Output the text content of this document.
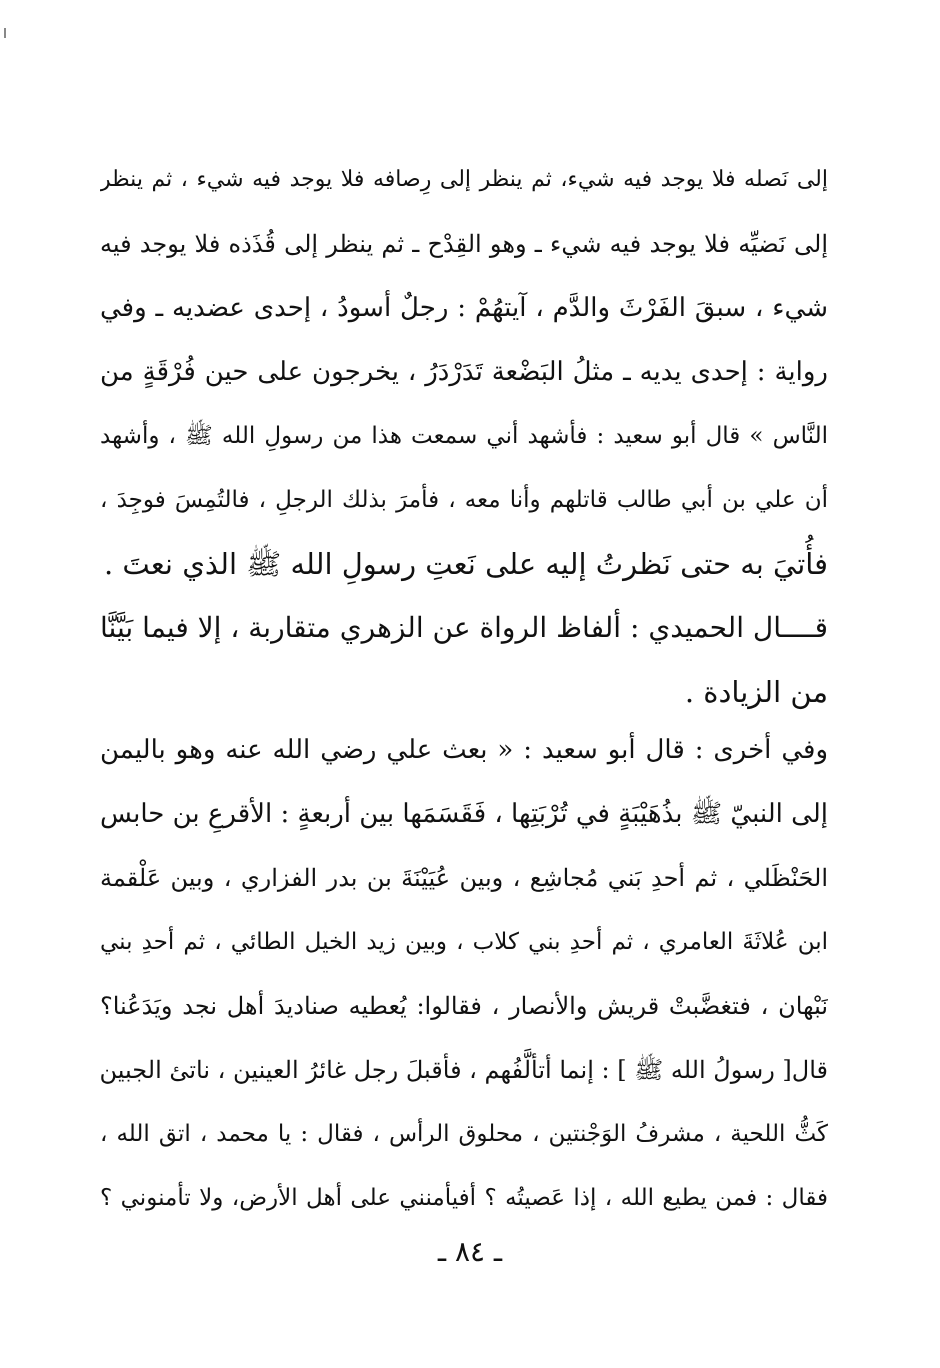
إلى نَصله فلا يوجد فيه شيء، ثم ينظر إلى رِصافه فلا يوجد فيه شيء ، ثم ينظر
إلى نَضيِّه فلا يوجد فيه شيء ـ وهو القِدْح ـ ثم ينظر إلى قُذَذه فلا يوجد فيه
شيء ، سبقَ الفَرْثَ والدَّم ، آيتهُمْ : رجلٌ أسودُ ، إحدى عضديه ـ وفي
رواية : إحدى يديه ـ مثلُ البَضْعة تَدَرْدَرُ ، يخرجون على حين فُرْقَةٍ من
النَّاس » قال أبو سعيد : فأشهد أني سمعت هذا من رسولِ الله ﷺ ، وأشهد
أن علي بن أبي طالب قاتلهم وأنا معه ، فأمرَ بذلك الرجلِ ، فالتُمِسَ فوجِدَ ،
فأُتيَ به حتى نَظرتُ إليه على نَعتِ رسولِ الله ﷺ الذي نعتَ .
قــــال الحميدي : ألفاظ الرواة عن الزهري متقاربة ، إلا فيما بَيَّنَّا
من الزيادة .
وفي أخرى : قال أبو سعيد : « بعث علي رضي الله عنه وهو باليمن
إلى النبيّ ﷺ بذُهَيْبَةٍ في تُرْبَتِها ، فَقَسَمَها بين أربعةٍ : الأقرعِ بن حابس
الحَنْظَلي ، ثم أحدِ بَني مُجاشِع ، وبين عُيَيْنَةَ بن بدر الفزاري ، وبين عَلْقمة
ابن عُلاثَةَ العامري ، ثم أحدِ بني كلاب ، وبين زيد الخيل الطائي ، ثم أحدِ بني
نَبْهان ، فتغضَّبتْ قريش والأنصار ، فقالوا: يُعطيه صناديدَ أهل نجد ويَدَعُنا؟
قال[ رسولُ الله ﷺ ] : إنما أتألَّفُهم ، فأقبلَ رجل غائرُ العينين ، ناتئ الجبين
كَثُّ اللحية ، مشرفُ الوَجْنتين ، محلوق الرأس ، فقال : يا محمد ، اتق الله ،
فقال : فمن يطيع الله ، إذا عَصيتُه ؟ أفيأمنني على أهل الأرض، ولا تأمنوني ؟
ـ ٨٤ ـ
